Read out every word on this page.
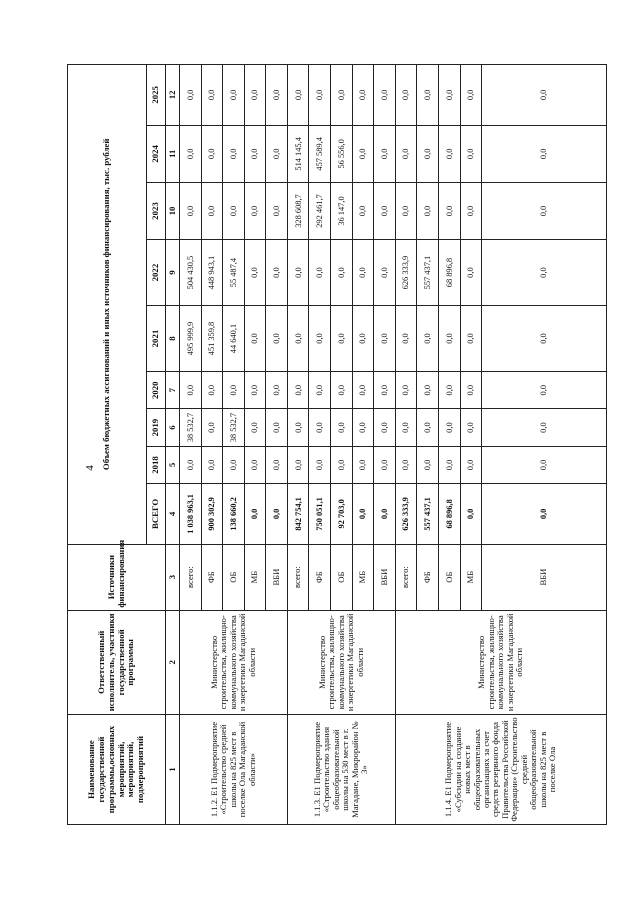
4
Наименование государственной программы,основных мероприятий, мероприятий, подмероприятий	Ответственный исполнитель, участники государственной программы	Источники финансирования	Объем бюджетных ассигнований и иных источников финансирования, тыс. рублей								
			ВСЕГО	2018	2019	2020	2021	2022	2023	2024	2025
1	2	3	4	5	6	7	8	9	10	11	12
1.1.2. Е1 Подмероприятие «Строительство средней школы на 825 мест в поселке Ола Магаданской области»	Министерство строительства, жилищно-коммунального хозяйства и энергетики Магаданской области	всего:	1 038 963,1	0,0	38 532,7	0,0	495 999,9	504 430,5	0,0	0,0	0,0
		ФБ	900 302,9	0,0	0,0	0,0	451 359,8	448 943,1	0,0	0,0	0,0
		ОБ	138 660,2	0,0	38 532,7	0,0	44 640,1	55 487,4	0,0	0,0	0,0
		МБ	0,0	0,0	0,0	0,0	0,0	0,0	0,0	0,0	0,0
		ВБИ	0,0	0,0	0,0	0,0	0,0	0,0	0,0	0,0	0,0
1.1.3. Е1 Подмероприятие «Строительство здания общеобразовательной школы на 530 мест в г. Магадане, Микрорайон № 3»	Министерство строительства, жилищно-коммунального хозяйства и энергетики Магаданской области	всего:	842 754,1	0,0	0,0	0,0	0,0	0,0	328 608,7	514 145,4	0,0
		ФБ	750 051,1	0,0	0,0	0,0	0,0	0,0	292 461,7	457 589,4	0,0
		ОБ	92 703,0	0,0	0,0	0,0	0,0	0,0	36 147,0	56 556,0	0,0
		МБ	0,0	0,0	0,0	0,0	0,0	0,0	0,0	0,0	0,0
		ВБИ	0,0	0,0	0,0	0,0	0,0	0,0	0,0	0,0	0,0
1.1.4. Е1 Подмероприятие «Субсидии на создание новых мест в общеобразовательных организациях за счет средств резервного фонда Правительства Российской Федерации» (Строительство средней общеобразовательной школы на 825 мест в поселке Ола	Министерство строительства, жилищно-коммунального хозяйства и энергетики Магаданской области	всего:	626 333,9	0,0	0,0	0,0	0,0	626 333,9	0,0	0,0	0,0
		ФБ	557 437,1	0,0	0,0	0,0	0,0	557 437,1	0,0	0,0	0,0
		ОБ	68 896,8	0,0	0,0	0,0	0,0	68 896,8	0,0	0,0	0,0
		МБ	0,0	0,0	0,0	0,0	0,0	0,0	0,0	0,0	0,0
		ВБИ	0,0	0,0	0,0	0,0	0,0	0,0	0,0	0,0	0,0
